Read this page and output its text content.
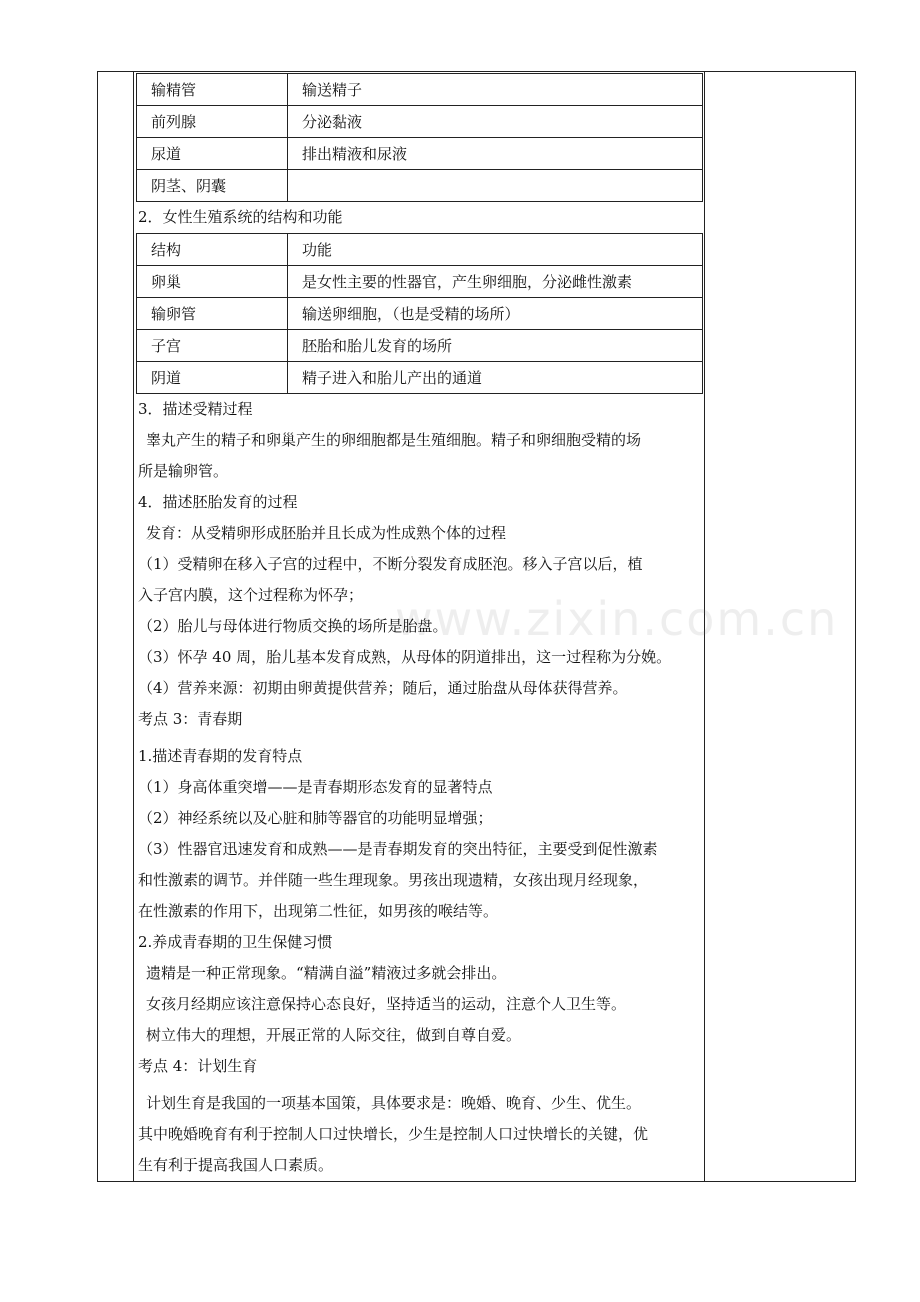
www.zixin.com.cn
输精管	输送精子
前列腺	分泌黏液
尿道	排出精液和尿液
阴茎、阴囊	
2．女性生殖系统的结构和功能
结构	功能
卵巢	是女性主要的性器官，产生卵细胞，分泌雌性激素
输卵管	输送卵细胞，（也是受精的场所）
子宫	胚胎和胎儿发育的场所
阴道	精子进入和胎儿产出的通道
3．描述受精过程
睾丸产生的精子和卵巢产生的卵细胞都是生殖细胞。精子和卵细胞受精的场
所是输卵管。
4．描述胚胎发育的过程
发育：从受精卵形成胚胎并且长成为性成熟个体的过程
（1）受精卵在移入子宫的过程中，不断分裂发育成胚泡。移入子宫以后，植
入子宫内膜，这个过程称为怀孕；
（2）胎儿与母体进行物质交换的场所是胎盘。
（3）怀孕 40 周，胎儿基本发育成熟，从母体的阴道排出，这一过程称为分娩。
（4）营养来源：初期由卵黄提供营养；随后，通过胎盘从母体获得营养。
考点 3：青春期
1.描述青春期的发育特点
（1）身高体重突增——是青春期形态发育的显著特点
（2）神经系统以及心脏和肺等器官的功能明显增强；
（3）性器官迅速发育和成熟——是青春期发育的突出特征，主要受到促性激素
和性激素的调节。并伴随一些生理现象。男孩出现遗精，女孩出现月经现象，
在性激素的作用下，出现第二性征，如男孩的喉结等。
2.养成青春期的卫生保健习惯
遗精是一种正常现象。“精满自溢”精液过多就会排出。
女孩月经期应该注意保持心态良好，坚持适当的运动，注意个人卫生等。
树立伟大的理想，开展正常的人际交往，做到自尊自爱。
考点 4：计划生育
计划生育是我国的一项基本国策，具体要求是：晚婚、晚育、少生、优生。
其中晚婚晚育有利于控制人口过快增长，少生是控制人口过快增长的关键，优
生有利于提高我国人口素质。
